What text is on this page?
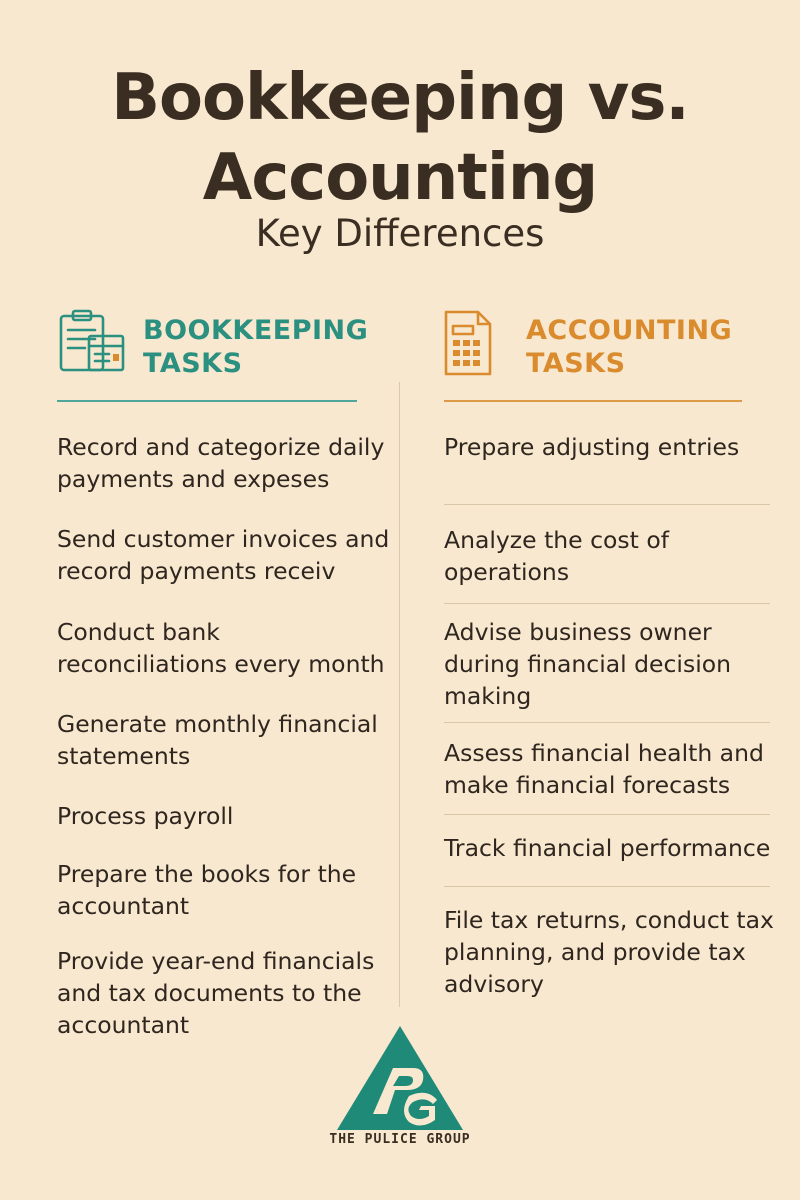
Bookkeeping vs.
Accounting
Key Differences
BOOKKEEPING
TASKS
ACCOUNTING
TASKS
Record and categorize daily payments and expeses
Send customer invoices and record payments receiv
Conduct bank reconciliations every month
Generate monthly financial statements
Process payroll
Prepare the books for the accountant
Provide year-end financials and tax documents to the accountant
Prepare adjusting entries
Analyze the cost of operations
Advise business owner during financial decision making
Assess financial health and make financial forecasts
Track financial performance
File tax returns, conduct tax planning, and provide tax advisory
THE PULICE GROUP
